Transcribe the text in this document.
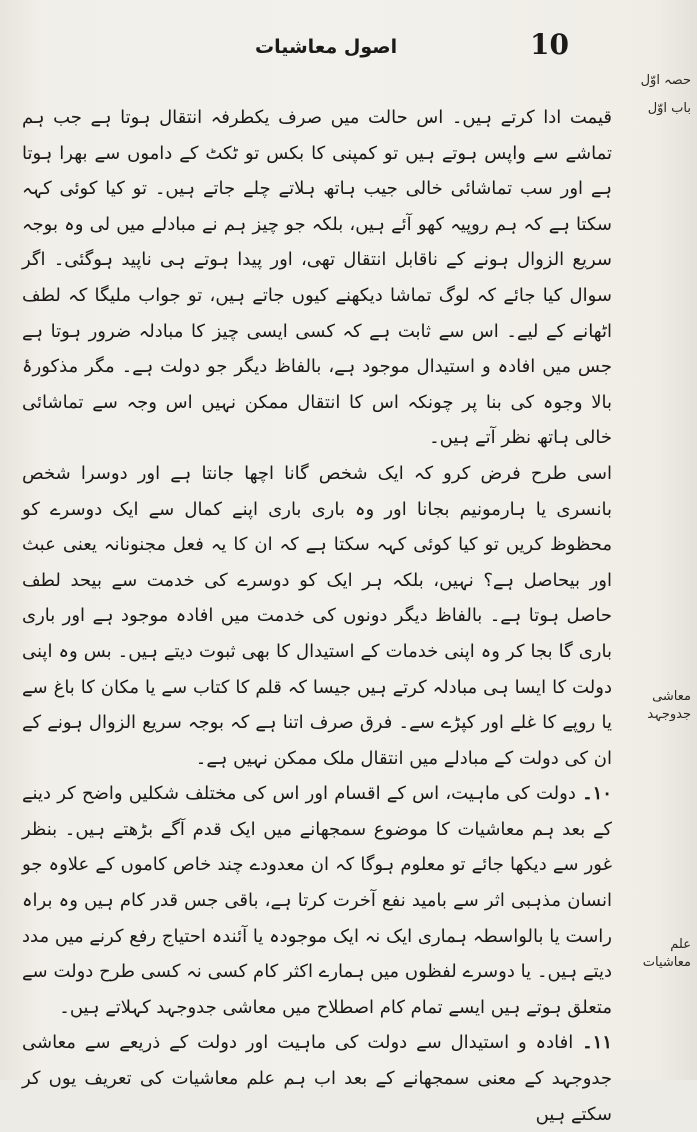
10
اصول معاشیات
حصہ اوّل
باب اوّل
معاشی جدوجہد
علم معاشیات

قیمت ادا کرتے ہیں۔ اس حالت میں صرف یکطرفہ انتقال ہوتا ہے جب ہم تماشے سے واپس ہوتے ہیں تو کمپنی کا بکس تو ٹکٹ کے داموں سے بھرا ہوتا ہے اور سب تماشائی خالی جیب ہاتھ ہلاتے چلے جاتے ہیں۔ تو کیا کوئی کہہ سکتا ہے کہ ہم روپیہ کھو آئے ہیں، بلکہ جو چیز ہم نے مبادلے میں لی وہ بوجہ سریع الزوال ہونے کے ناقابل انتقال تھی، اور پیدا ہوتے ہی ناپید ہوگئی۔ اگر سوال کیا جائے کہ لوگ تماشا دیکھنے کیوں جاتے ہیں، تو جواب ملیگا کہ لطف اٹھانے کے لیے۔ اس سے ثابت ہے کہ کسی ایسی چیز کا مبادلہ ضرور ہوتا ہے جس میں افادہ و استیدال موجود ہے، بالفاظ دیگر جو دولت ہے۔ مگر مذکورۂ بالا وجوہ کی بنا پر چونکہ اس کا انتقال ممکن نہیں اس وجہ سے تماشائی خالی ہاتھ نظر آتے ہیں۔

اسی طرح فرض کرو کہ ایک شخص گانا اچھا جانتا ہے اور دوسرا شخص بانسری یا ہارمونیم بجانا اور وہ باری باری اپنے کمال سے ایک دوسرے کو محظوظ کریں تو کیا کوئی کہہ سکتا ہے کہ ان کا یہ فعل مجنونانہ یعنی عبث اور بیحاصل ہے؟ نہیں، بلکہ ہر ایک کو دوسرے کی خدمت سے بیحد لطف حاصل ہوتا ہے۔ بالفاظ دیگر دونوں کی خدمت میں افادہ موجود ہے اور باری باری گا بجا کر وہ اپنی خدمات کے استیدال کا بھی ثبوت دیتے ہیں۔ بس وہ اپنی دولت کا ایسا ہی مبادلہ کرتے ہیں جیسا کہ قلم کا کتاب سے یا مکان کا باغ سے یا روپے کا غلے اور کپڑے سے۔ فرق صرف اتنا ہے کہ بوجہ سریع الزوال ہونے کے ان کی دولت کے مبادلے میں انتقال ملک ممکن نہیں ہے۔

۱۰۔ دولت کی ماہیت، اس کے اقسام اور اس کی مختلف شکلیں واضح کر دینے کے بعد ہم معاشیات کا موضوع سمجھانے میں ایک قدم آگے بڑھتے ہیں۔ بنظر غور سے دیکھا جائے تو معلوم ہوگا کہ ان معدودے چند خاص کاموں کے علاوہ جو انسان مذہبی اثر سے بامید نفع آخرت کرتا ہے، باقی جس قدر کام ہیں وہ براہ راست یا بالواسطہ ہماری ایک نہ ایک موجودہ یا آئندہ احتیاج رفع کرنے میں مدد دیتے ہیں۔ یا دوسرے لفظوں میں ہمارے اکثر کام کسی نہ کسی طرح دولت سے متعلق ہوتے ہیں ایسے تمام کام اصطلاح میں معاشی جدوجہد کہلاتے ہیں۔

۱۱۔ افادہ و استیدال سے دولت کی ماہیت اور دولت کے ذریعے سے معاشی جدوجہد کے معنی سمجھانے کے بعد اب ہم علم معاشیات کی تعریف یوں کر سکتے ہیں
